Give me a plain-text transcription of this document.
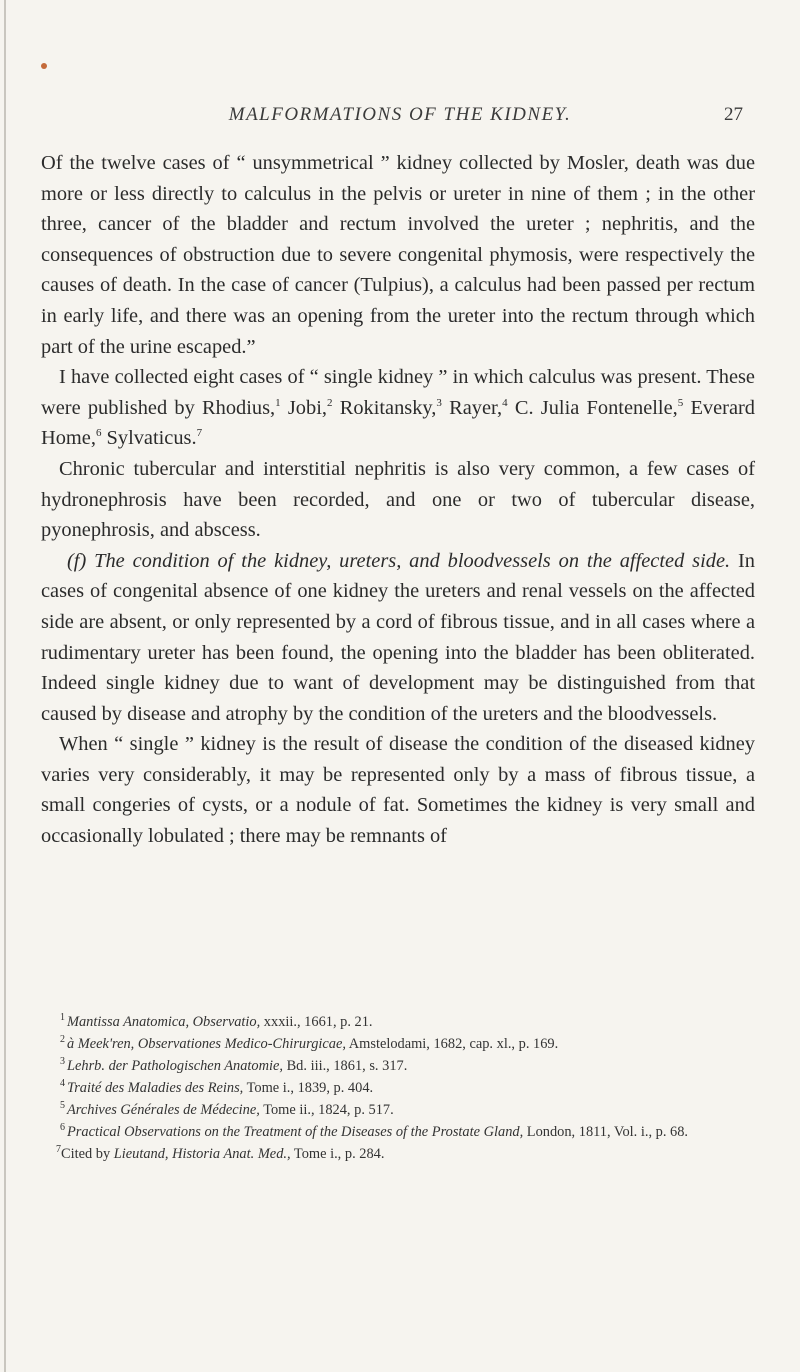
MALFORMATIONS OF THE KIDNEY.	27

Of the twelve cases of “ unsymmetrical ” kidney collected by Mosler, death was due more or less directly to calculus in the pelvis or ureter in nine of them ; in the other three, cancer of the bladder and rectum involved the ureter ; nephritis, and the consequences of obstruction due to severe congenital phymosis, were respectively the causes of death. In the case of cancer (Tulpius), a calculus had been passed per rectum in early life, and there was an opening from the ureter into the rectum through which part of the urine escaped.”

I have collected eight cases of “ single kidney ” in which calculus was present. These were published by Rhodius,$^1$ Jobi,$^2$ Rokitansky,$^3$ Rayer,$^4$ C. Julia Fontenelle,$^5$ Everard Home,$^6$ Sylvaticus.$^7$

Chronic tubercular and interstitial nephritis is also very common, a few cases of hydronephrosis have been recorded, and one or two of tubercular disease, pyonephrosis, and abscess.

(f) The condition of the kidney, ureters, and bloodvessels on the affected side. In cases of congenital absence of one kidney the ureters and renal vessels on the affected side are absent, or only represented by a cord of fibrous tissue, and in all cases where a rudimentary ureter has been found, the opening into the bladder has been obliterated. Indeed single kidney due to want of development may be distinguished from that caused by disease and atrophy by the condition of the ureters and the bloodvessels.

When “ single ” kidney is the result of disease the condition of the diseased kidney varies very considerably, it may be represented only by a mass of fibrous tissue, a small congeries of cysts, or a nodule of fat. Sometimes the kidney is very small and occasionally lobulated ; there may be remnants of

1 Mantissa Anatomica, Observatio, xxxii., 1661, p. 21.

2 à Meek'ren, Observationes Medico-Chirurgicae, Amstelodami, 1682, cap. xl., p. 169.

3 Lehrb. der Pathologischen Anatomie, Bd. iii., 1861, s. 317.

4 Traité des Maladies des Reins, Tome i., 1839, p. 404.

5 Archives Générales de Médecine, Tome ii., 1824, p. 517.

6 Practical Observations on the Treatment of the Diseases of the Prostate Gland, London, 1811, Vol. i., p. 68.

7Cited by Lieutand, Historia Anat. Med., Tome i., p. 284.
